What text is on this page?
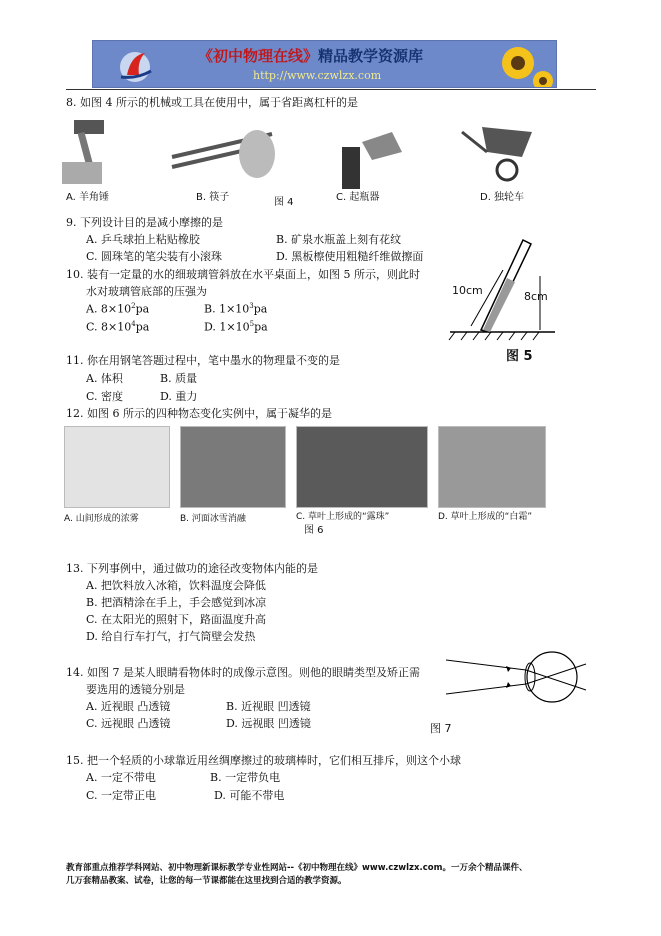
《初中物理在线》精品教学资源库
http://www.czwlzx.com
8. 如图 4 所示的机械或工具在使用中，属于省距离杠杆的是
A. 羊角锤	B. 筷子	图 4	C. 起瓶器	D. 独轮车
9. 下列设计目的是减小摩擦的是
A. 乒乓球拍上粘贴橡胶	B. 矿泉水瓶盖上刻有花纹
C. 圆珠笔的笔尖装有小滚珠	D. 黑板檫使用粗糙纤维做擦面
10. 装有一定量的水的细玻璃管斜放在水平桌面上，如图 5 所示，则此时
水对玻璃管底部的压强为
A. $8\times 10^2pa$	B. $1\times 10^3pa$
C. $8\times 10^4pa$	D. $1\times 10^5pa$
10cm	8cm
图 5
11. 你在用钢笔答题过程中，笔中墨水的物理量不变的是
A. 体积	B. 质量
C. 密度	D. 重力
12. 如图 6 所示的四种物态变化实例中，属于凝华的是
A. 山间形成的浓雾	B. 河面冰雪消融	C. 草叶上形成的“露珠”	D. 草叶上形成的“白霜”
图 6
13. 下列事例中，通过做功的途径改变物体内能的是
A. 把饮料放入冰箱，饮料温度会降低
B. 把酒精涂在手上，手会感觉到冰凉
C. 在太阳光的照射下，路面温度升高
D. 给自行车打气，打气筒壁会发热
14. 如图 7 是某人眼睛看物体时的成像示意图。则他的眼睛类型及矫正需
要选用的透镜分别是
A. 近视眼 凸透镜	B. 近视眼 凹透镜
C. 远视眼 凸透镜	D. 远视眼 凹透镜	图 7
15. 把一个轻质的小球靠近用丝绸摩擦过的玻璃棒时，它们相互排斥，则这个小球
A. 一定不带电	B. 一定带负电
C. 一定带正电	D. 可能不带电
教育部重点推荐学科网站、初中物理新课标教学专业性网站--《初中物理在线》www.czwlzx.com。一万余个精品课件、
几万套精品教案、试卷，让您的每一节课都能在这里找到合适的教学资源。
